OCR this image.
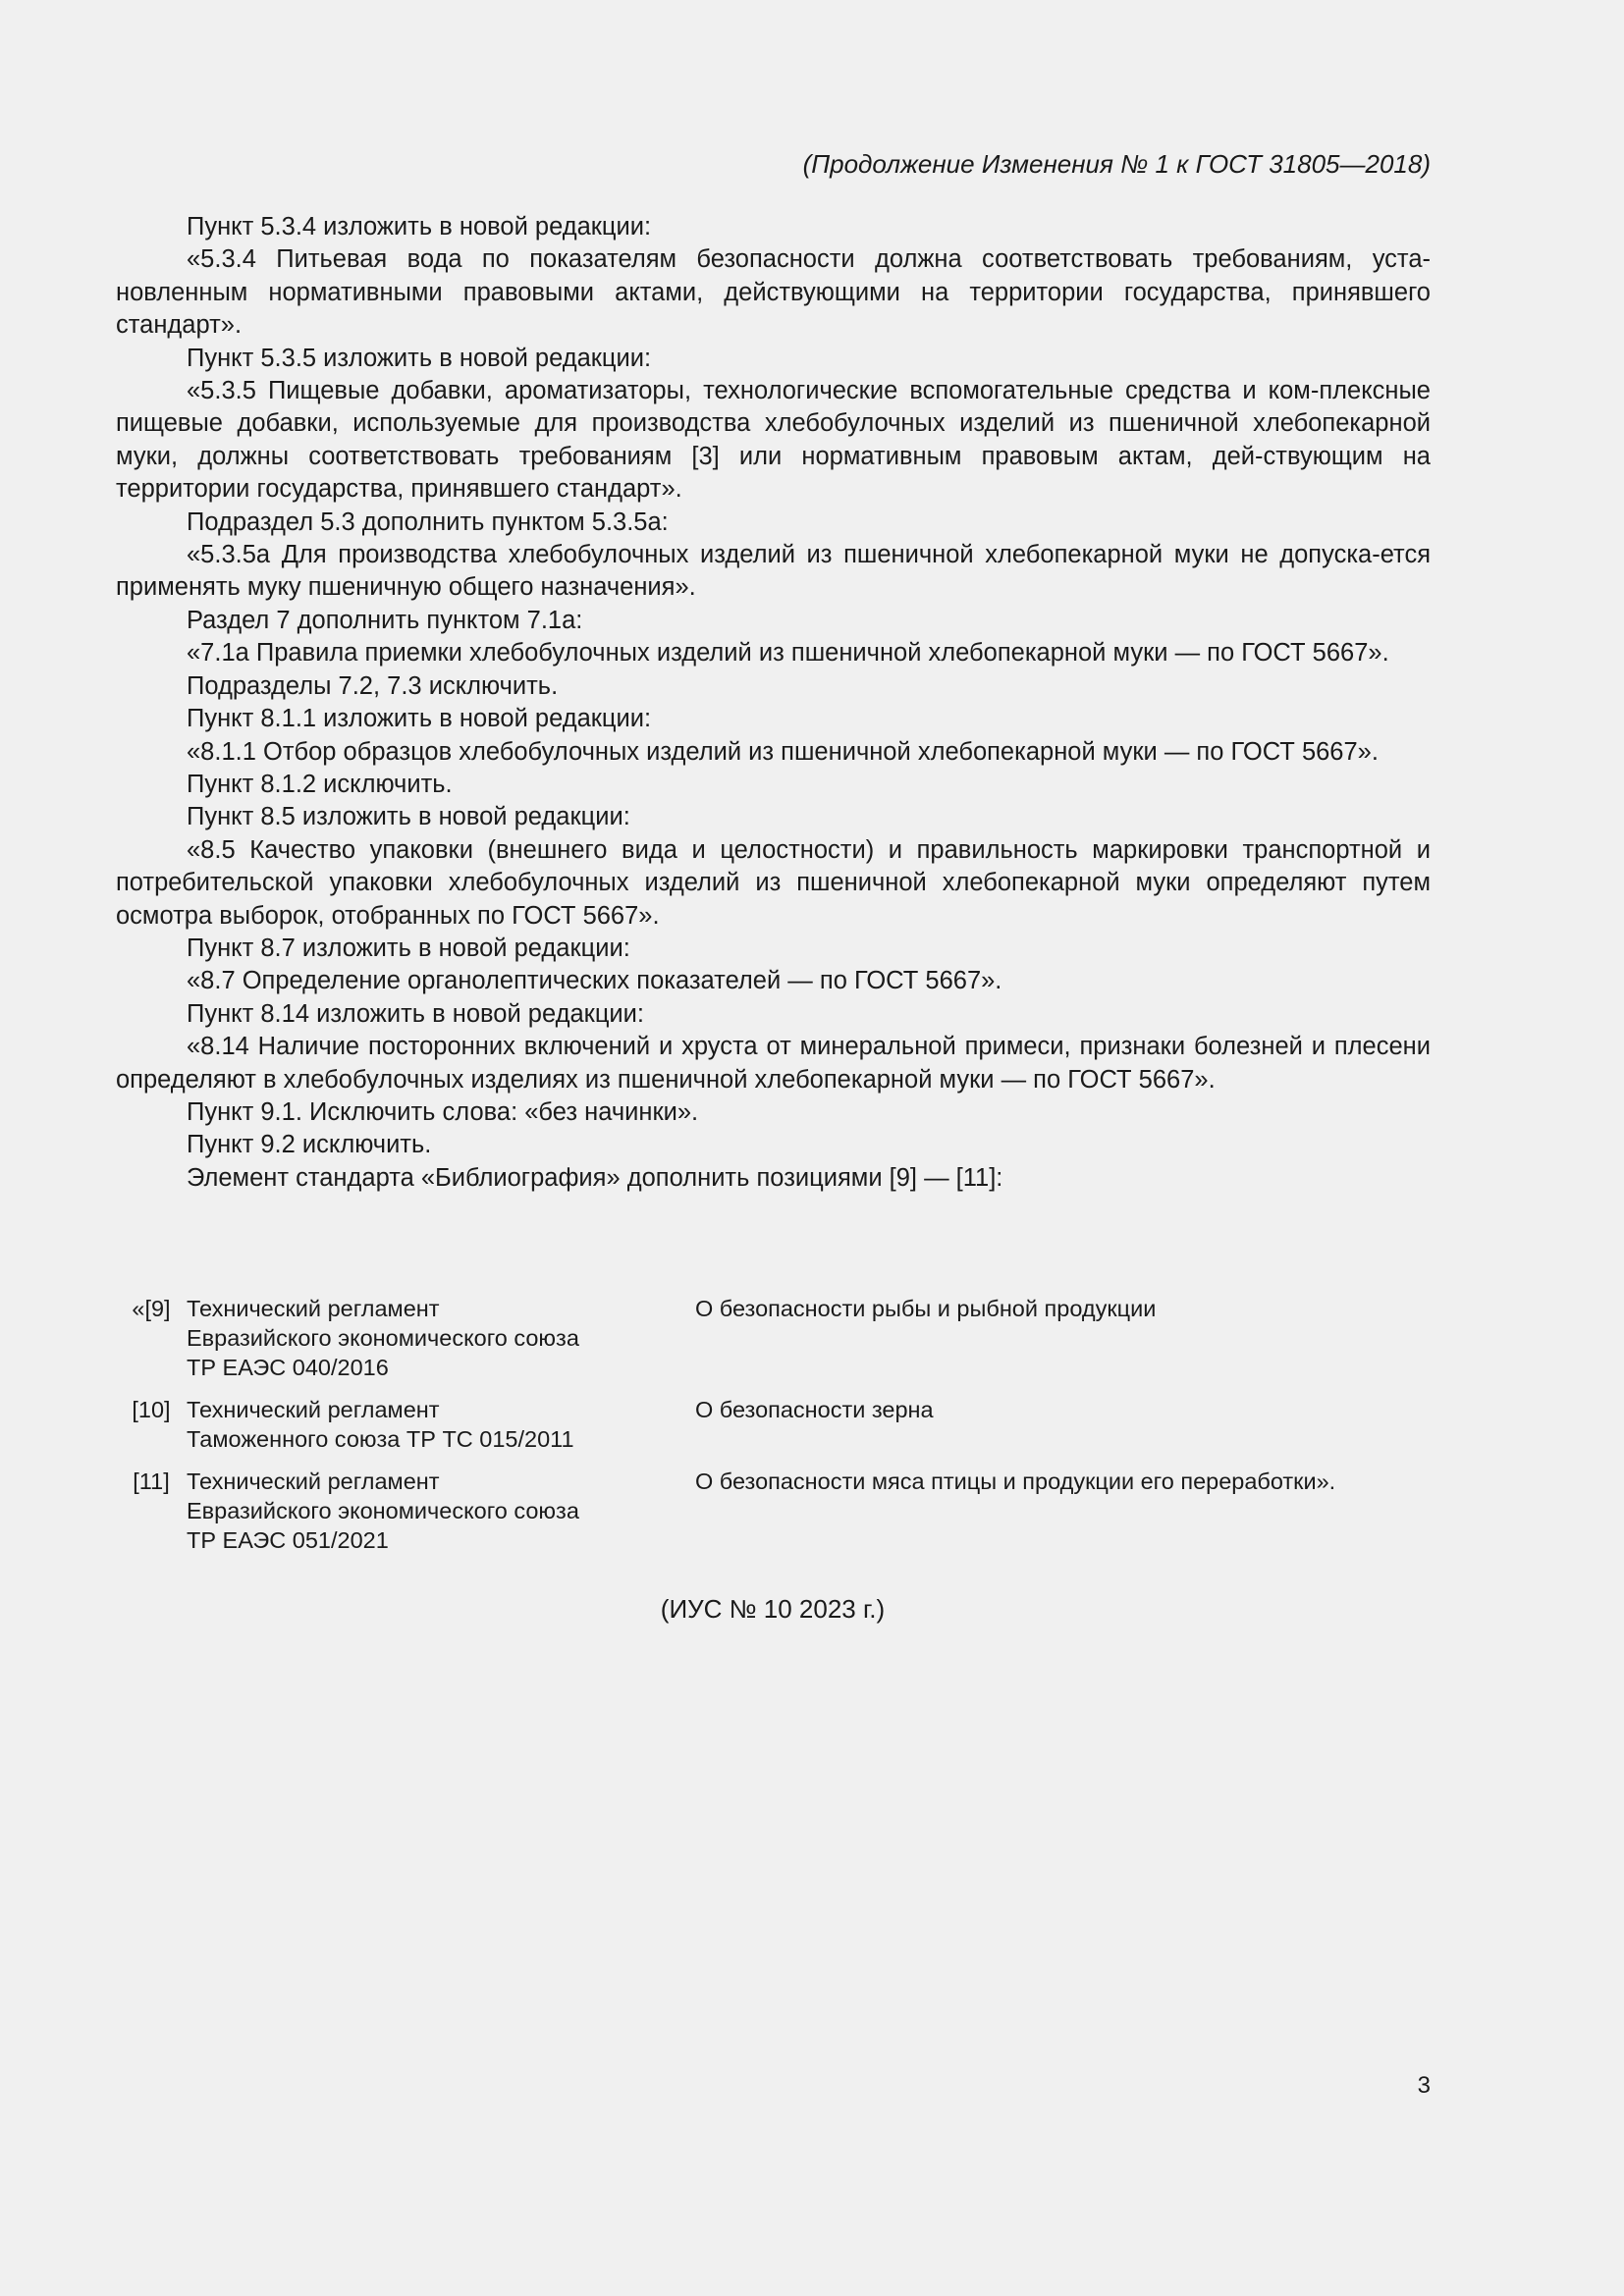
(Продолжение Изменения № 1 к ГОСТ 31805—2018)

Пункт 5.3.4 изложить в новой редакции:

«5.3.4 Питьевая вода по показателям безопасности должна соответствовать требованиям, уста-новленным нормативными правовыми актами, действующими на территории государства, принявшего стандарт».

Пункт 5.3.5 изложить в новой редакции:

«5.3.5 Пищевые добавки, ароматизаторы, технологические вспомогательные средства и ком-плексные пищевые добавки, используемые для производства хлебобулочных изделий из пшеничной хлебопекарной муки, должны соответствовать требованиям [3] или нормативным правовым актам, дей-ствующим на территории государства, принявшего стандарт».

Подраздел 5.3 дополнить пунктом 5.3.5а:

«5.3.5а Для производства хлебобулочных изделий из пшеничной хлебопекарной муки не допуска-ется применять муку пшеничную общего назначения».

Раздел 7 дополнить пунктом 7.1а:

«7.1а Правила приемки хлебобулочных изделий из пшеничной хлебопекарной муки — по ГОСТ 5667».

Подразделы 7.2, 7.3 исключить.

Пункт 8.1.1 изложить в новой редакции:

«8.1.1 Отбор образцов хлебобулочных изделий из пшеничной хлебопекарной муки — по ГОСТ 5667».

Пункт 8.1.2 исключить.

Пункт 8.5 изложить в новой редакции:

«8.5 Качество упаковки (внешнего вида и целостности) и правильность маркировки транспортной и потребительской упаковки хлебобулочных изделий из пшеничной хлебопекарной муки определяют путем осмотра выборок, отобранных по ГОСТ 5667».

Пункт 8.7 изложить в новой редакции:

«8.7 Определение органолептических показателей — по ГОСТ 5667».

Пункт 8.14 изложить в новой редакции:

«8.14 Наличие посторонних включений и хруста от минеральной примеси, признаки болезней и плесени определяют в хлебобулочных изделиях из пшеничной хлебопекарной муки — по ГОСТ 5667».

Пункт 9.1. Исключить слова: «без начинки».

Пункт 9.2 исключить.

Элемент стандарта «Библиография» дополнить позициями [9] — [11]:

«[9] Технический регламент
Евразийского экономического союза
ТР ЕАЭС 040/2016
О безопасности рыбы и рыбной продукции
[10] Технический регламент
Таможенного союза ТР ТС 015/2011
О безопасности зерна
[11] Технический регламент
Евразийского экономического союза
ТР ЕАЭС 051/2021
О безопасности мяса птицы и продукции его переработки».
(ИУС № 10 2023 г.)
3
